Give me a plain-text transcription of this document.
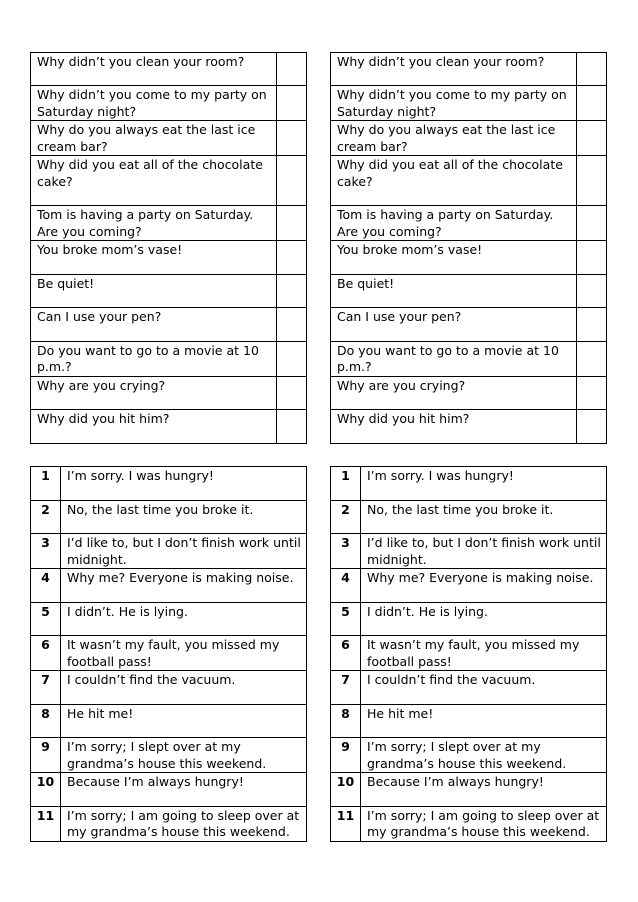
Why didn’t you clean your room?	
Why didn’t you come to my party on Saturday night?	
Why do you always eat the last ice cream bar?	
Why did you eat all of the chocolate cake?	
Tom is having a party on Saturday. Are you coming?	
You broke mom’s vase!	
Be quiet!	
Can I use your pen?	
Do you want to go to a movie at 10 p.m.?	
Why are you crying?	
Why did you hit him?	
Why didn’t you clean your room?	
Why didn’t you come to my party on Saturday night?	
Why do you always eat the last ice cream bar?	
Why did you eat all of the chocolate cake?	
Tom is having a party on Saturday. Are you coming?	
You broke mom’s vase!	
Be quiet!	
Can I use your pen?	
Do you want to go to a movie at 10 p.m.?	
Why are you crying?	
Why did you hit him?	
1	I’m sorry. I was hungry!
2	No, the last time you broke it.
3	I’d like to, but I don’t finish work until midnight.
4	Why me? Everyone is making noise.
5	I didn’t. He is lying.
6	It wasn’t my fault, you missed my football pass!
7	I couldn’t find the vacuum.
8	He hit me!
9	I’m sorry; I slept over at my grandma’s house this weekend.
10	Because I’m always hungry!
11	I’m sorry; I am going to sleep over at my grandma’s house this weekend.
1	I’m sorry. I was hungry!
2	No, the last time you broke it.
3	I’d like to, but I don’t finish work until midnight.
4	Why me? Everyone is making noise.
5	I didn’t. He is lying.
6	It wasn’t my fault, you missed my football pass!
7	I couldn’t find the vacuum.
8	He hit me!
9	I’m sorry; I slept over at my grandma’s house this weekend.
10	Because I’m always hungry!
11	I’m sorry; I am going to sleep over at my grandma’s house this weekend.
